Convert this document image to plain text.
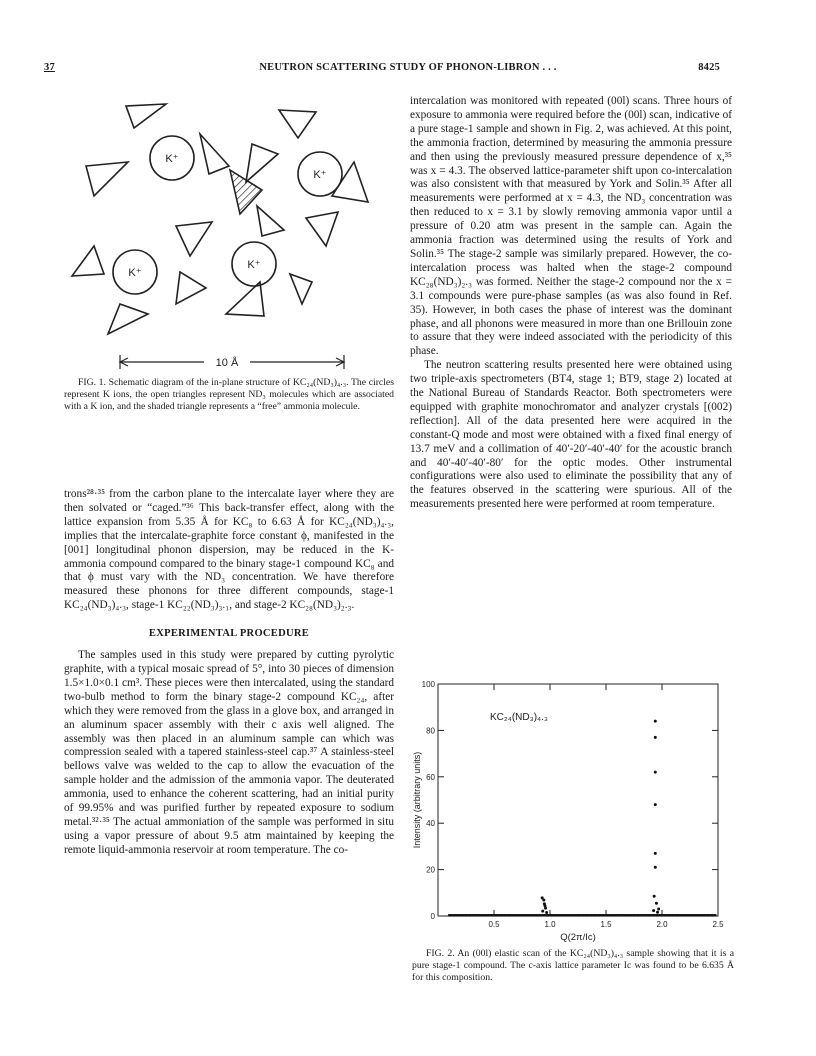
37	NEUTRON SCATTERING STUDY OF PHONON-LIBRON . . .	8425
K⁺
K⁺
K⁺
K⁺
10 Å
FIG. 1. Schematic diagram of the in-plane structure of KC₂₄(ND₃)₄.₃. The circles represent K ions, the open triangles represent ND₃ molecules which are associated with a K ion, and the shaded triangle represents a “free” ammonia molecule.

trons²⁸·³⁵ from the carbon plane to the intercalate layer where they are then solvated or “caged.”³⁶ This back-transfer effect, along with the lattice expansion from 5.35 Å for KC₈ to 6.63 Å for KC₂₄(ND₃)₄.₃, implies that the intercalate-graphite force constant ϕ, manifested in the [001] longitudinal phonon dispersion, may be reduced in the K-ammonia compound compared to the binary stage-1 compound KC₈ and that ϕ must vary with the ND₃ concentration. We have therefore measured these phonons for three different compounds, stage-1 KC₂₄(ND₃)₄.₃, stage-1 KC₂₂(ND₃)₃.₁, and stage-2 KC₂₈(ND₃)₂.₃.

EXPERIMENTAL PROCEDURE

The samples used in this study were prepared by cutting pyrolytic graphite, with a typical mosaic spread of 5°, into 30 pieces of dimension 1.5×1.0×0.1 cm³. These pieces were then intercalated, using the standard two-bulb method to form the binary stage-2 compound KC₂₄, after which they were removed from the glass in a glove box, and arranged in an aluminum spacer assembly with their c axis well aligned. The assembly was then placed in an aluminum sample can which was compression sealed with a tapered stainless-steel cap.³⁷ A stainless-steel bellows valve was welded to the cap to allow the evacuation of the sample holder and the admission of the ammonia vapor. The deuterated ammonia, used to enhance the coherent scattering, had an initial purity of 99.95% and was purified further by repeated exposure to sodium metal.³²·³⁵ The actual ammoniation of the sample was performed in situ using a vapor pressure of about 9.5 atm maintained by keeping the remote liquid-ammonia reservoir at room temperature. The co-

intercalation was monitored with repeated (00l) scans. Three hours of exposure to ammonia were required before the (00l) scan, indicative of a pure stage-1 sample and shown in Fig. 2, was achieved. At this point, the ammonia fraction, determined by measuring the ammonia pressure and then using the previously measured pressure dependence of x,³⁵ was x = 4.3. The observed lattice-parameter shift upon co-intercalation was also consistent with that measured by York and Solin.³⁵ After all measurements were performed at x = 4.3, the ND₃ concentration was then reduced to x = 3.1 by slowly removing ammonia vapor until a pressure of 0.20 atm was present in the sample can. Again the ammonia fraction was determined using the results of York and Solin.³⁵ The stage-2 sample was similarly prepared. However, the co-intercalation process was halted when the stage-2 compound KC₂₈(ND₃)₂.₃ was formed. Neither the stage-2 compound nor the x = 3.1 compounds were pure-phase samples (as was also found in Ref. 35). However, in both cases the phase of interest was the dominant phase, and all phonons were measured in more than one Brillouin zone to assure that they were indeed associated with the periodicity of this phase.

The neutron scattering results presented here were obtained using two triple-axis spectrometers (BT4, stage 1; BT9, stage 2) located at the National Bureau of Standards Reactor. Both spectrometers were equipped with graphite monochromator and analyzer crystals [(002) reflection]. All of the data presented here were acquired in the constant-Q mode and most were obtained with a fixed final energy of 13.7 meV and a collimation of 40′-20′-40′-40′ for the acoustic branch and 40′-40′-40′-80′ for the optic modes. Other instrumental configurations were also used to eliminate the possibility that any of the features observed in the scattering were spurious. All of the measurements presented here were performed at room temperature.

0
20
40
60
80
100
0.5	1.0	1.5	2.0	2.5
KC₂₄(ND₃)₄.₃
Q(2π/Ic)
Intensity (arbitrary units)
FIG. 2. An (00l) elastic scan of the KC₂₄(ND₃)₄.₃ sample showing that it is a pure stage-1 compound. The c-axis lattice parameter Ic was found to be 6.635 Å for this composition.
